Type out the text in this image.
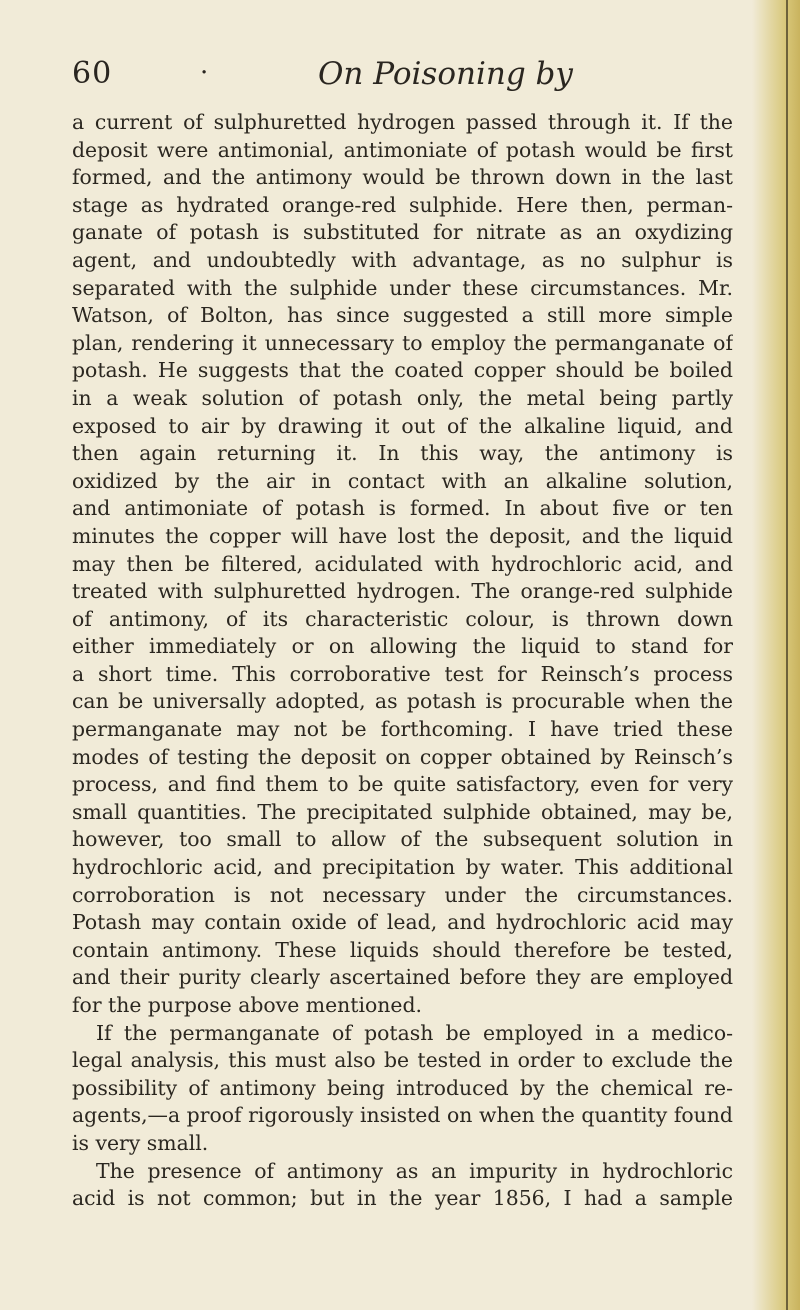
60	·	On Poisoning by
a current of sulphuretted hydrogen passed through it. If the
deposit were antimonial, antimoniate of potash would be first
formed, and the antimony would be thrown down in the last
stage as hydrated orange-red sulphide. Here then, perman-
ganate of potash is substituted for nitrate as an oxydizing
agent, and undoubtedly with advantage, as no sulphur is
separated with the sulphide under these circumstances. Mr.
Watson, of Bolton, has since suggested a still more simple
plan, rendering it unnecessary to employ the permanganate of
potash. He suggests that the coated copper should be boiled
in a weak solution of potash only, the metal being partly
exposed to air by drawing it out of the alkaline liquid, and
then again returning it. In this way, the antimony is
oxidized by the air in contact with an alkaline solution,
and antimoniate of potash is formed. In about five or ten
minutes the copper will have lost the deposit, and the liquid
may then be filtered, acidulated with hydrochloric acid, and
treated with sulphuretted hydrogen. The orange-red sulphide
of antimony, of its characteristic colour, is thrown down
either immediately or on allowing the liquid to stand for
a short time. This corroborative test for Reinsch’s process
can be universally adopted, as potash is procurable when the
permanganate may not be forthcoming. I have tried these
modes of testing the deposit on copper obtained by Reinsch’s
process, and find them to be quite satisfactory, even for very
small quantities. The precipitated sulphide obtained, may be,
however, too small to allow of the subsequent solution in
hydrochloric acid, and precipitation by water. This additional
corroboration is not necessary under the circumstances.
Potash may contain oxide of lead, and hydrochloric acid may
contain antimony. These liquids should therefore be tested,
and their purity clearly ascertained before they are employed
for the purpose above mentioned.
If the permanganate of potash be employed in a medico-
legal analysis, this must also be tested in order to exclude the
possibility of antimony being introduced by the chemical re-
agents,—a proof rigorously insisted on when the quantity found
is very small.
The presence of antimony as an impurity in hydrochloric
acid is not common; but in the year 1856, I had a sample
